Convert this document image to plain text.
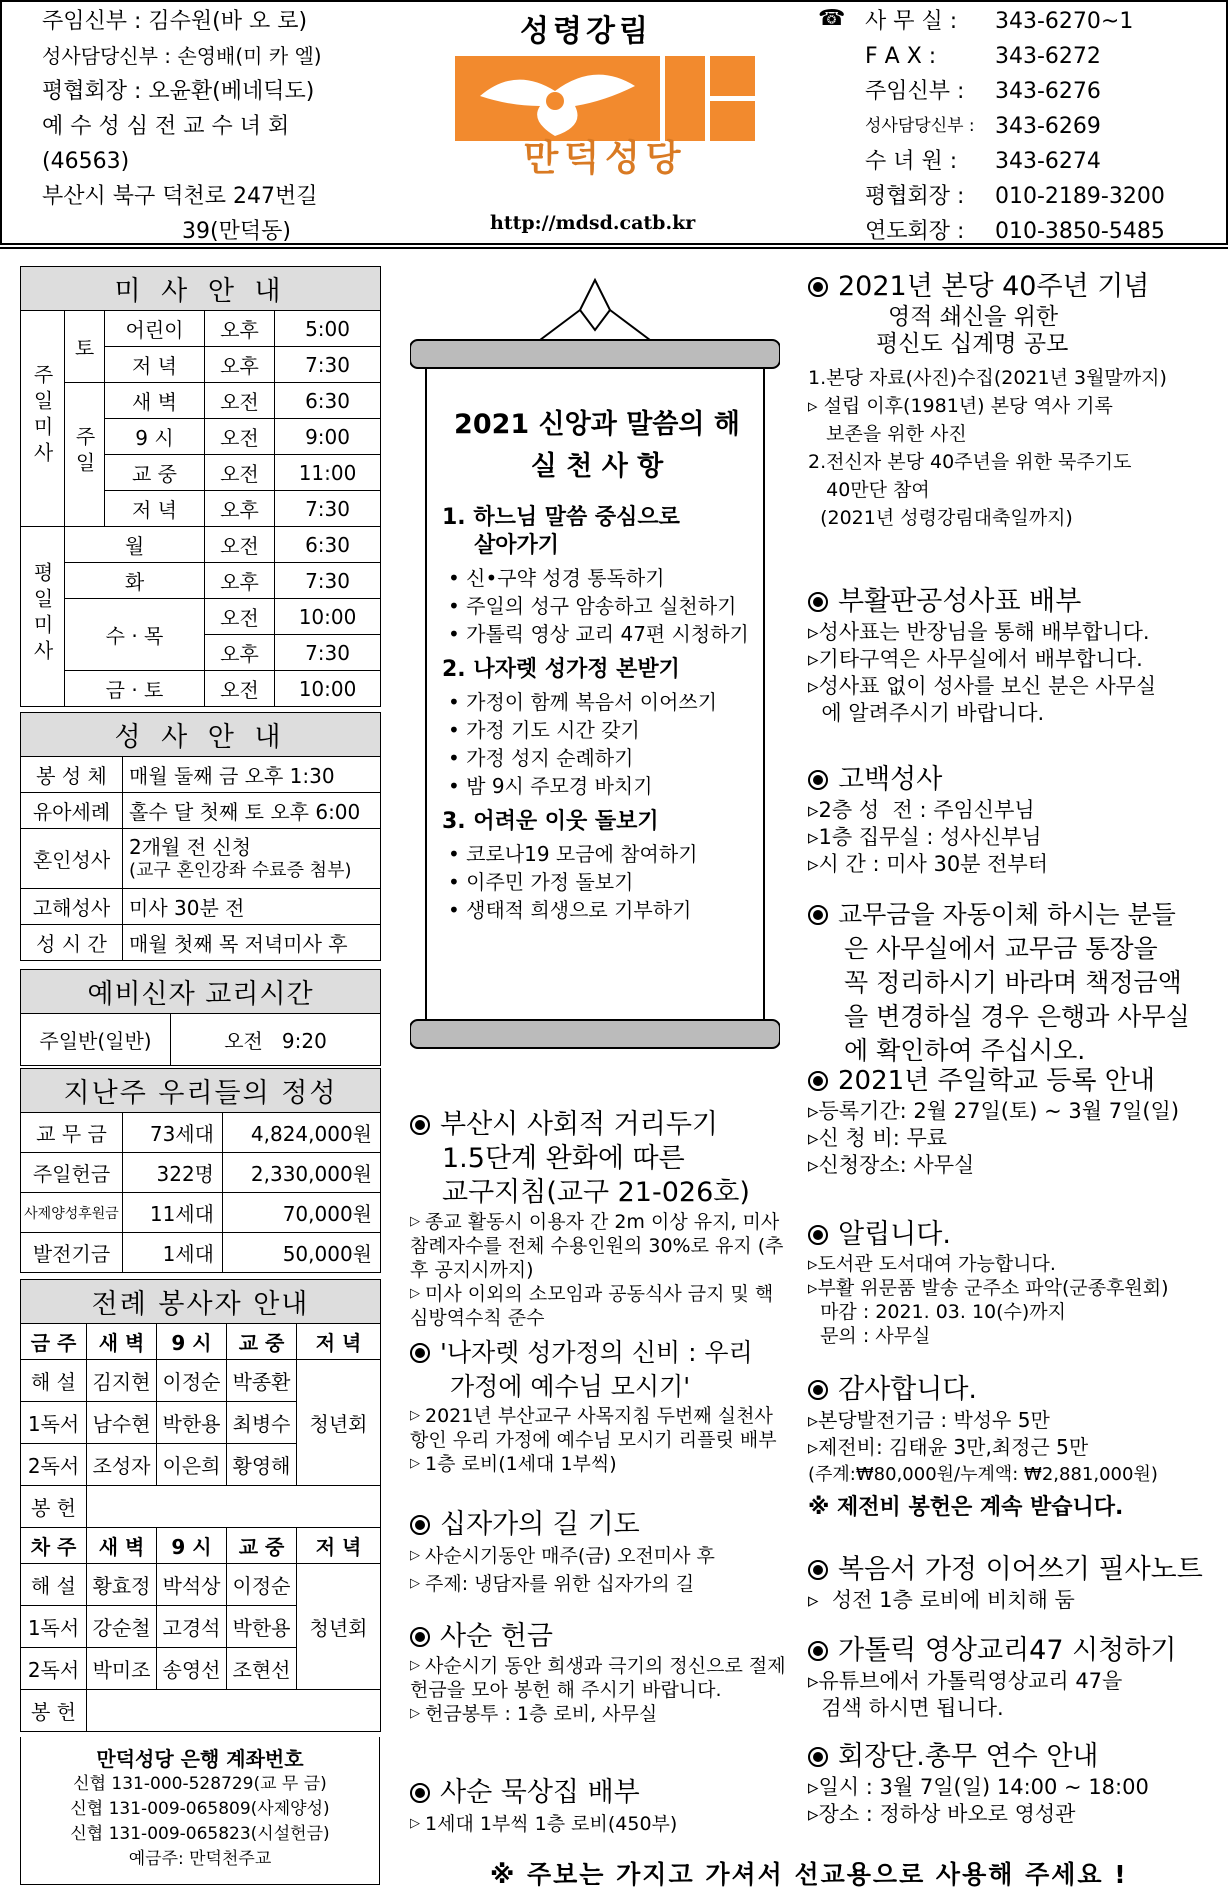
주임신부 : 김수원(바 오 로)
성사담당신부 : 손영배(미 카 엘)
평협회장 : 오윤환(베네딕도)
예 수 성 심 전 교 수 녀 회
(46563)
부산시 북구 덕천로 247번길
39(만덕동)
성령강림
만덕성당
http://mdsd.catb.kr
☎ 사 무 실 :	343-6270~1
F A X :	343-6272
주임신부 :	343-6276
성사담당신부 : 343-6269
수 녀 원 :	343-6274
평협회장 :	010-2189-3200
연도회장 :	010-3850-5485
미 사 안 내				
주일미사	토	어린이	오후	5:00
		저 녁	오후	7:30
	주일	새 벽	오전	6:30
		9 시	오전	9:00
		교 중	오전	11:00
		저 녁	오후	7:30
평일미사	월		오전	6:30
	화		오후	7:30
	수 · 목		오전	10:00
			오후	7:30
	금 · 토		오전	10:00
성 사 안 내	
봉 성 체	매월 둘째 금 오후 1:30
유아세례	홀수 달 첫째 토 오후 6:00
혼인성사	2개월 전 신청
(교구 혼인강좌 수료증 첨부)

고해성사	미사 30분 전
성 시 간	매월 첫째 목 저녁미사 후
예비신자 교리시간
주일반(일반)	오전   9:20
지난주 우리들의 정성		
교 무 금	73세대	4,824,000원
주일헌금	322명	2,330,000원
사제양성후원금	11세대	70,000원
발전기금	1세대	50,000원
전례 봉사자 안내				
금 주	새 벽	9 시	교 중	저 녁
해 설	김지현	이정순	박종환	청년회
1독서	남수현	박한용	최병수	
2독서	조성자	이은희	황영해	
봉 헌				
차 주	새 벽	9 시	교 중	저 녁
해 설	황효정	박석상	이정순	청년회
1독서	강순철	고경석	박한용	
2독서	박미조	송영선	조현선	
봉 헌				
만덕성당 은행 계좌번호
신협 131-000-528729(교 무 금)
신협 131-009-065809(사제양성)
신협 131-009-065823(시설헌금)
예금주: 만덕천주교
2021 신앙과 말씀의 해
실 천 사 항
1. 하느님 말씀 중심으로
살아가기
• 신•구약 성경 통독하기
• 주일의 성구 암송하고 실천하기
• 가톨릭 영상 교리 47편 시청하기
2. 나자렛 성가정 본받기
• 가정이 함께 복음서 이어쓰기
• 가정 기도 시간 갖기
• 가정 성지 순례하기
• 밤 9시 주모경 바치기
3. 어려운 이웃 돌보기
• 코로나19 모금에 참여하기
• 이주민 가정 돌보기
• 생태적 희생으로 기부하기
부산시 사회적 거리두기
1.5단계 완화에 따른
교구지침(교구 21-026호)
▷ 종교 활동시 이용자 간 2m 이상 유지, 미사참례자수를 전체 수용인원의 30%로 유지 (추후 공지시까지)
▷ 미사 이외의 소모임과 공동식사 금지 및 핵심방역수칙 준수
'나자렛 성가정의 신비 : 우리
가정에 예수님 모시기'
▷ 2021년 부산교구 사목지침 두번째 실천사항인 우리 가정에 예수님 모시기 리플릿 배부
▷ 1층 로비(1세대 1부씩)
십자가의 길 기도
▷ 사순시기동안 매주(금) 오전미사 후
▷ 주제: 냉담자를 위한 십자가의 길
사순 헌금
▷ 사순시기 동안 희생과 극기의 정신으로 절제 헌금을 모아 봉헌 해 주시기 바랍니다.
▷ 헌금봉투 : 1층 로비, 사무실
사순 묵상집 배부
▷ 1세대 1부씩 1층 로비(450부)
2021년 본당 40주년 기념
영적 쇄신을 위한
평신도 십계명 공모
1.본당 자료(사진)수집(2021년 3월말까지)
▹ 설립 이후(1981년) 본당 역사 기록
보존을 위한 사진
2.전신자 본당 40주년을 위한 묵주기도
40만단 참여
(2021년 성령강림대축일까지)
부활판공성사표 배부
▹성사표는 반장님을 통해 배부합니다.
▹기타구역은 사무실에서 배부합니다.
▹성사표 없이 성사를 보신 분은 사무실
에 알려주시기 바랍니다.
고백성사
▹2층 성  전 : 주임신부님
▹1층 집무실 : 성사신부님
▹시 간 : 미사 30분 전부터
교무금을 자동이체 하시는 분들
은 사무실에서 교무금 통장을
꼭 정리하시기 바라며 책정금액
을 변경하실 경우 은행과 사무실
에 확인하여 주십시오.
2021년 주일학교 등록 안내
▹등록기간: 2월 27일(토) ~ 3월 7일(일)
▹신 청 비: 무료
▹신청장소: 사무실
알립니다.
▹도서관 도서대여 가능합니다.
▹부활 위문품 발송 군주소 파악(군종후원회)
마감 : 2021. 03. 10(수)까지
문의 : 사무실
감사합니다.
▹본당발전기금 : 박성우 5만
▹제전비: 김태윤 3만,최정근 5만
(주계:₩80,000원/누계액: ₩2,881,000원)
※ 제전비 봉헌은 계속 받습니다.
복음서 가정 이어쓰기 필사노트
▹  성전 1층 로비에 비치해 둠
가톨릭 영상교리47 시청하기
▹유튜브에서 가톨릭영상교리 47을
검색 하시면 됩니다.
회장단.총무 연수 안내
▹일시 : 3월 7일(일) 14:00 ~ 18:00
▹장소 : 정하상 바오로 영성관
※ 주보는 가지고 가셔서 선교용으로 사용해 주세요 !
